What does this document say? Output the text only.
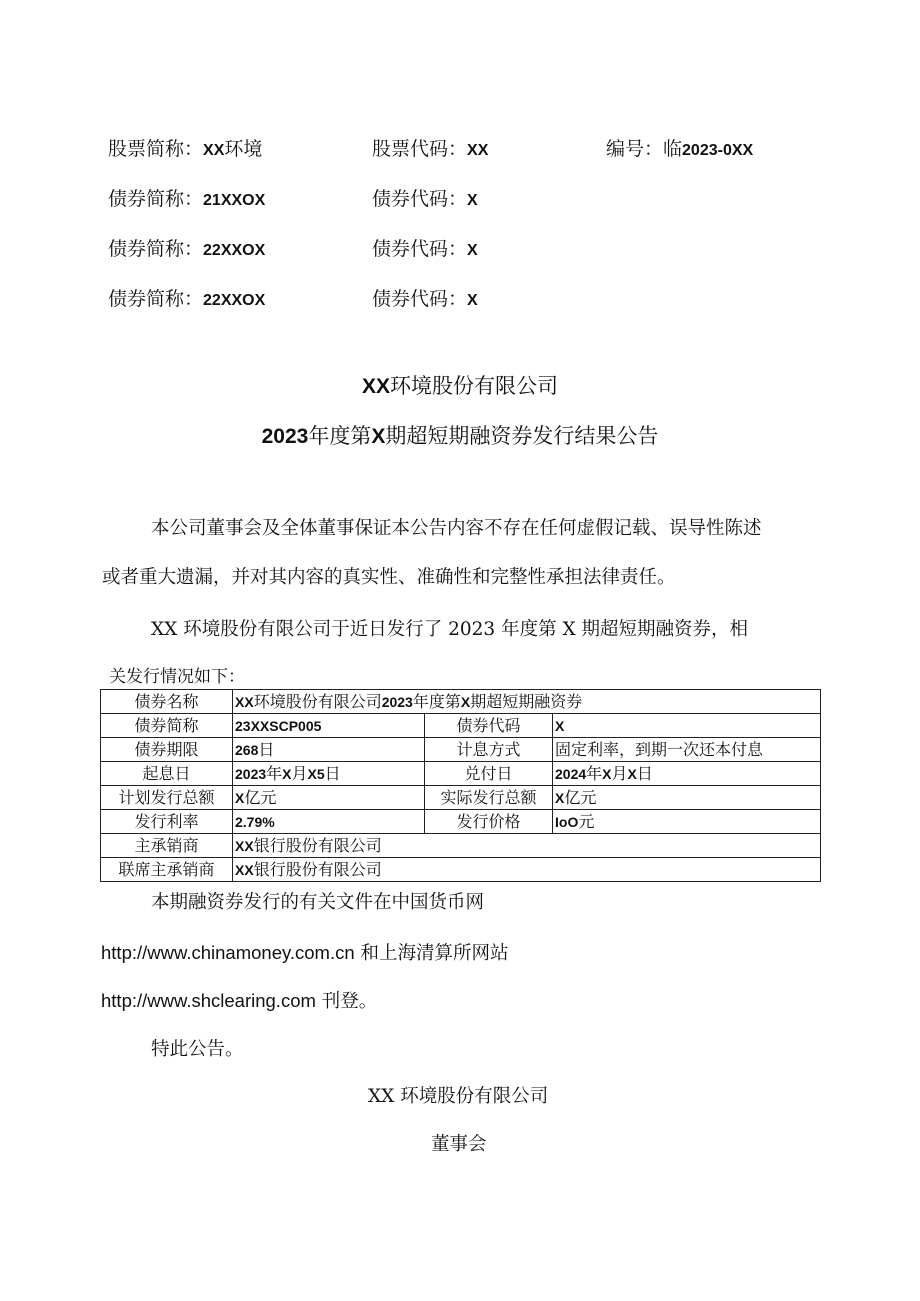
股票简称：XX环境	股票代码：XX	编号：临2023-0XX
债券简称：21XXOX	债券代码：X
债券简称：22XXOX	债券代码：X
债券简称：22XXOX	债券代码：X
XX环境股份有限公司
2023年度第X期超短期融资券发行结果公告
本公司董事会及全体董事保证本公告内容不存在任何虚假记载、误导性陈述
或者重大遗漏，并对其内容的真实性、准确性和完整性承担法律责任。
XX 环境股份有限公司于近日发行了 2023 年度第 X 期超短期融资券，相
关发行情况如下：
债券名称	XX环境股份有限公司2023年度第X期超短期融资券		
债券简称	23XXSCP005	债券代码	X
债券期限	268日	计息方式	固定利率，到期一次还本付息
起息日	2023年X月X5日	兑付日	2024年X月X日
计划发行总额	X亿元	实际发行总额	X亿元
发行利率	2.79%	发行价格	IoO元
主承销商	XX银行股份有限公司		
联席主承销商	XX银行股份有限公司		
本期融资券发行的有关文件在中国货币网
http://www.chinamoney.com.cn 和上海清算所网站
http://www.shclearing.com 刊登。
特此公告。
XX 环境股份有限公司
董事会
